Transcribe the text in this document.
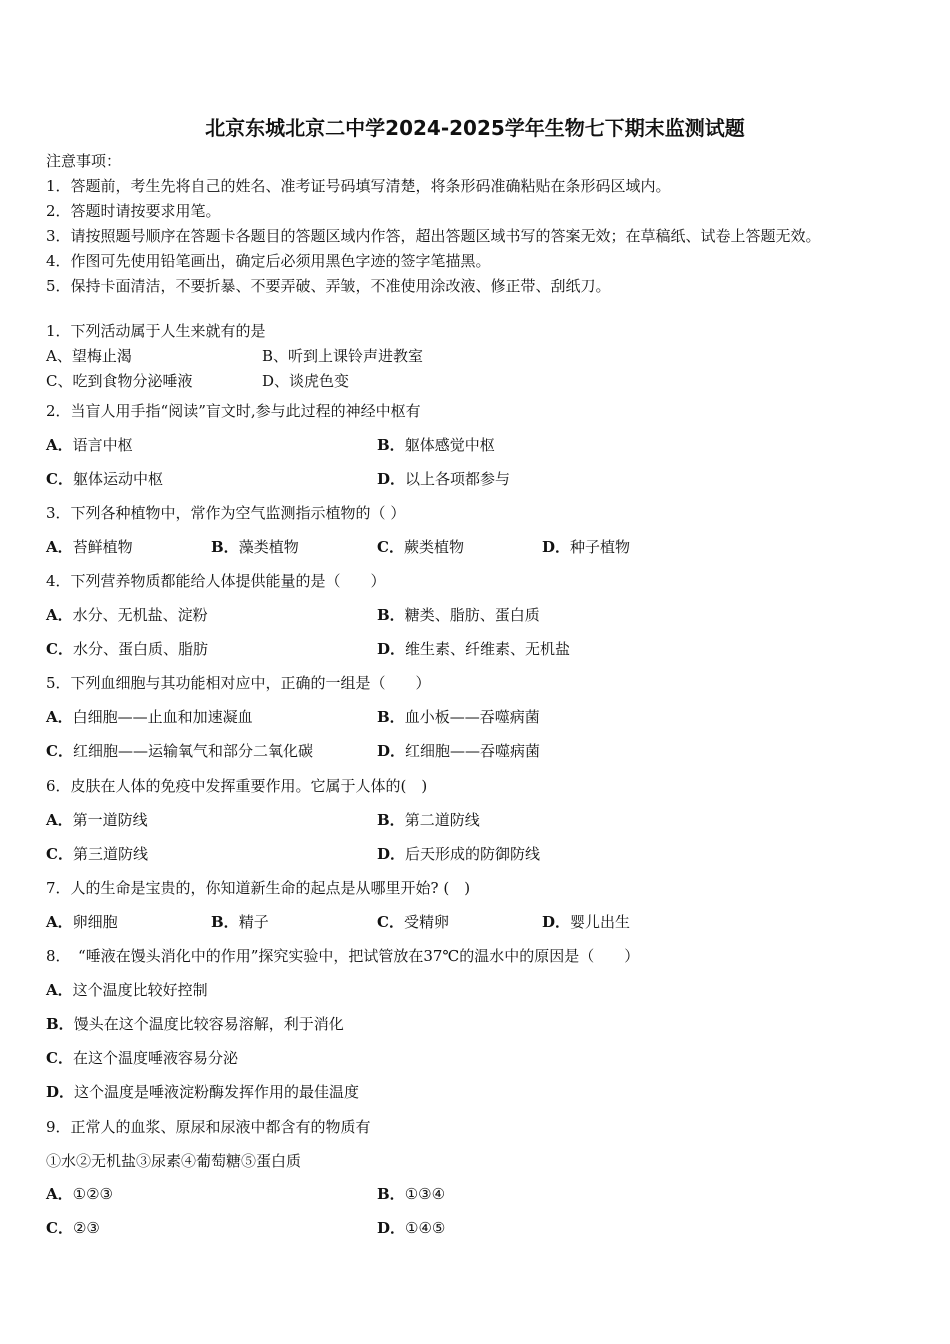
北京东城北京二中学2024-2025学年生物七下期末监测试题
注意事项：
1．答题前，考生先将自己的姓名、准考证号码填写清楚，将条形码准确粘贴在条形码区域内。
2．答题时请按要求用笔。
3．请按照题号顺序在答题卡各题目的答题区域内作答，超出答题区域书写的答案无效；在草稿纸、试卷上答题无效。
4．作图可先使用铅笔画出，确定后必须用黑色字迹的签字笔描黑。
5．保持卡面清洁，不要折暴、不要弄破、弄皱，不准使用涂改液、修正带、刮纸刀。
1．下列活动属于人生来就有的是
A、望梅止渴	B、听到上课铃声进教室
C、吃到食物分泌唾液	D、谈虎色变
2．当盲人用手指“阅读”盲文时,参与此过程的神经中枢有
A．语言中枢	B．躯体感觉中枢
C．躯体运动中枢	D．以上各项都参与
3．下列各种植物中，常作为空气监测指示植物的（ ）
A．苔鲜植物	B．藻类植物	C．蕨类植物	D．种子植物
4．下列营养物质都能给人体提供能量的是（　　）
A．水分、无机盐、淀粉	B．糖类、脂肪、蛋白质
C．水分、蛋白质、脂肪	D．维生素、纤维素、无机盐
5．下列血细胞与其功能相对应中，正确的一组是（　　）
A．白细胞——止血和加速凝血	B．血小板——吞噬病菌
C．红细胞——运输氧气和部分二氧化碳	D．红细胞——吞噬病菌
6．皮肤在人体的免疫中发挥重要作用。它属于人体的(　)
A．第一道防线	B．第二道防线
C．第三道防线	D．后天形成的防御防线
7．人的生命是宝贵的，你知道新生命的起点是从哪里开始? (　)
A．卵细胞	B．精子	C．受精卵	D．婴儿出生
8．　“唾液在馒头消化中的作用”探究实验中，把试管放在37℃的温水中的原因是（　　）
A．这个温度比较好控制
B．馒头在这个温度比较容易溶解，利于消化
C．在这个温度唾液容易分泌
D．这个温度是唾液淀粉酶发挥作用的最佳温度
9．正常人的血浆、原尿和尿液中都含有的物质有
①水②无机盐③尿素④葡萄糖⑤蛋白质
A．①②③	B．①③④
C．②③	D．①④⑤
